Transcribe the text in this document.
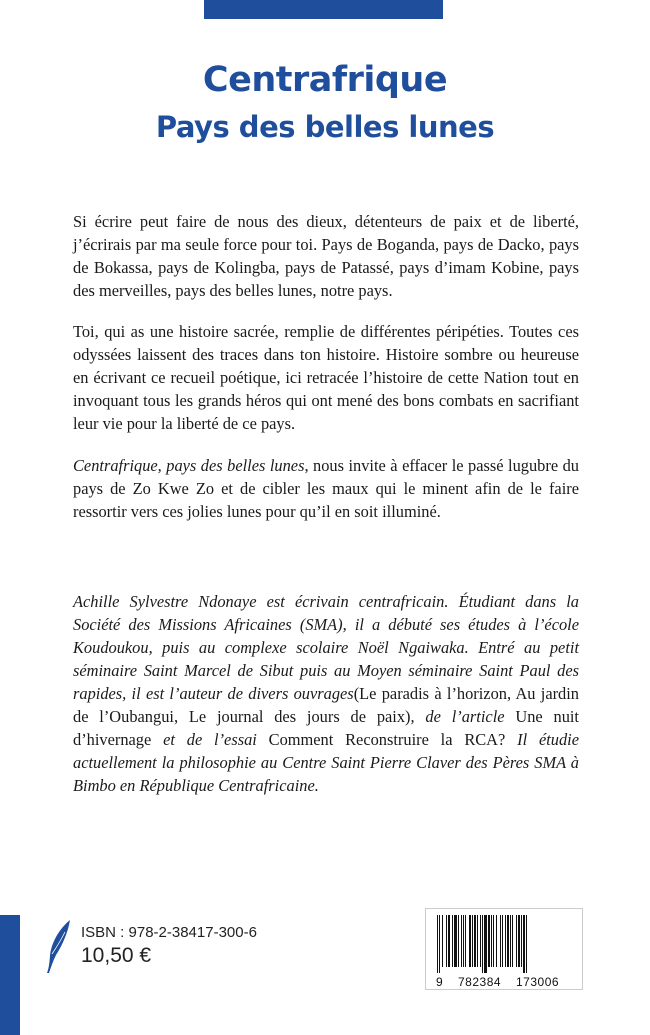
Centrafrique
Pays des belles lunes

Si écrire peut faire de nous des dieux, détenteurs de paix et de liberté, j’écrirais par ma seule force pour toi. Pays de Boganda, pays de Dacko, pays de Bokassa, pays de Kolingba, pays de Patassé, pays d’imam Kobine, pays des merveilles, pays des belles lunes, notre pays.

Toi, qui as une histoire sacrée, remplie de différentes péripéties. Toutes ces odyssées laissent des traces dans ton histoire. Histoire sombre ou heureuse en écrivant ce recueil poétique, ici retracée l’histoire de cette Nation tout en invoquant tous les grands héros qui ont mené des bons combats en sacrifiant leur vie pour la liberté de ce pays.

Centrafrique, pays des belles lunes, nous invite à effacer le passé lugubre du pays de Zo Kwe Zo et de cibler les maux qui le minent afin de le faire ressortir vers ces jolies lunes pour qu’il en soit illuminé.

Achille Sylvestre Ndonaye est écrivain centrafricain. Étudiant dans la Société des Missions Africaines (SMA), il a débuté ses études à l’école Koudoukou, puis au complexe scolaire Noël Ngaiwaka. Entré au petit séminaire Saint Marcel de Sibut puis au Moyen séminaire Saint Paul des rapides, il est l’auteur de divers ouvrages(Le paradis à l’horizon, Au jardin de l’Oubangui, Le journal des jours de paix), de l’article Une nuit d’hivernage et de l’essai Comment Reconstruire la RCA? Il étudie actuellement la philosophie au Centre Saint Pierre Claver des Pères SMA à Bimbo en République Centrafricaine.

ISBN : 978-2-38417-300-6
10,50 €
9 782384 173006
